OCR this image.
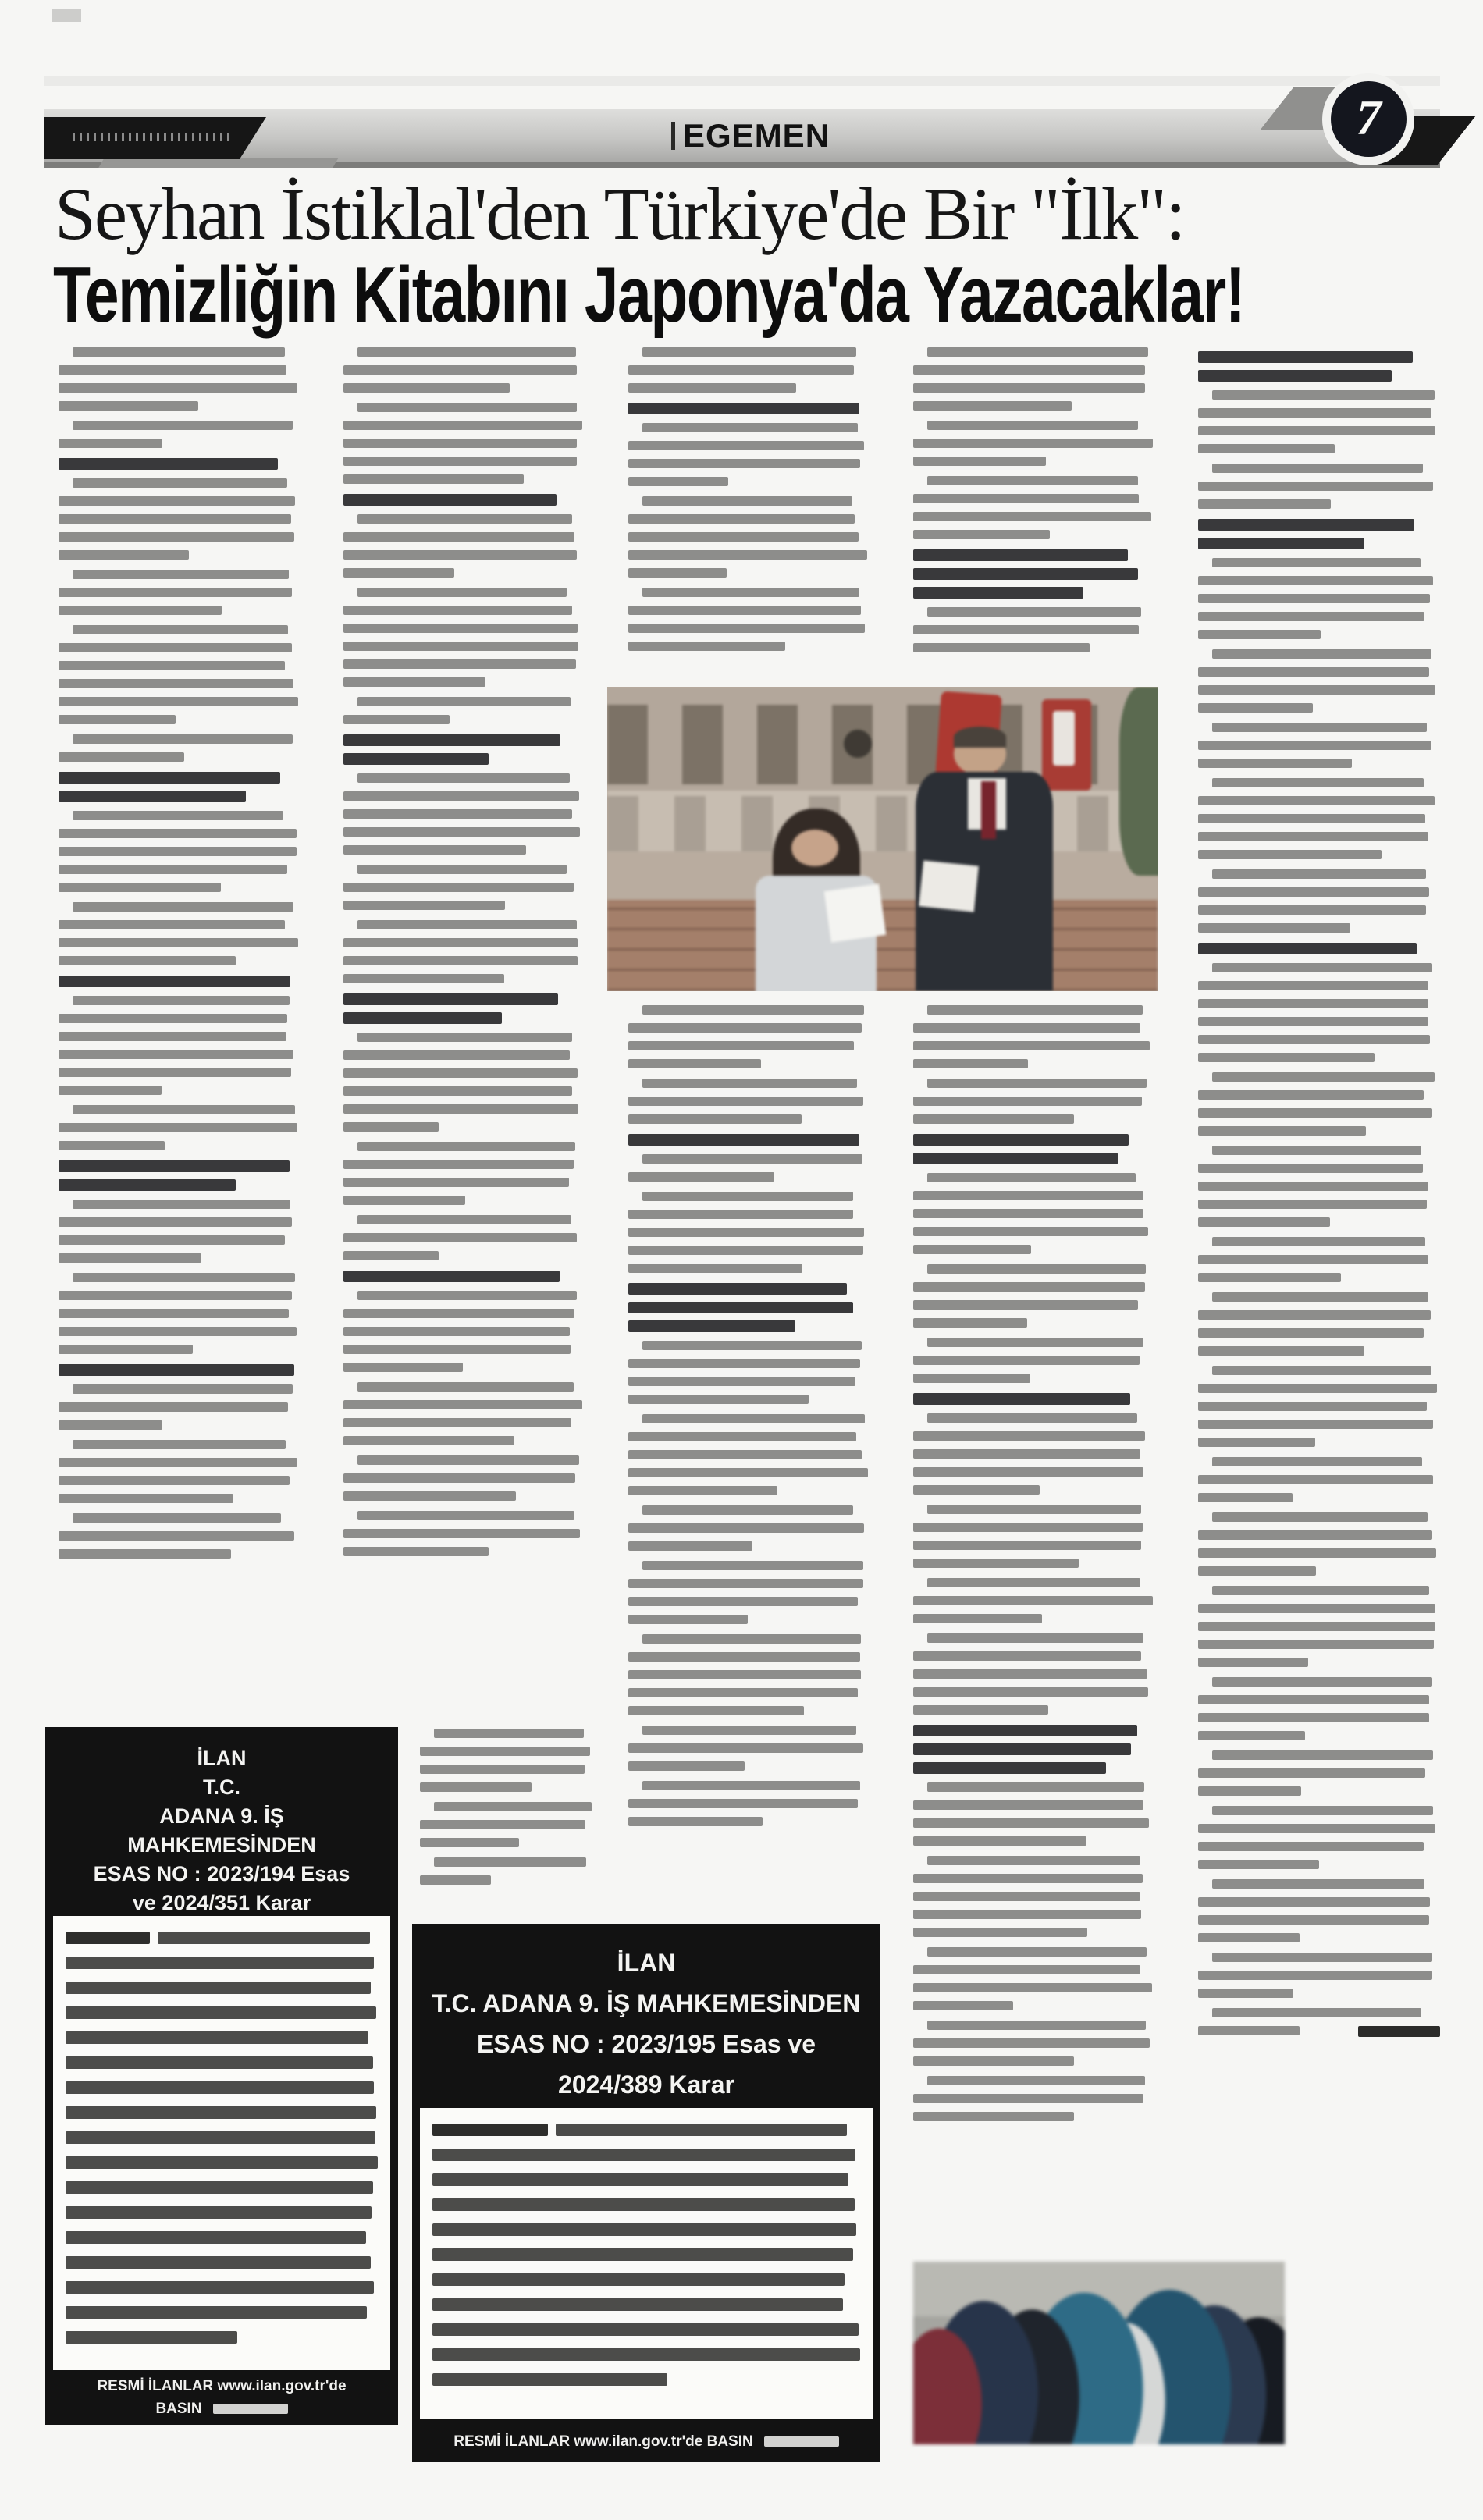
EGEMEN	7
Seyhan İstiklal'den Türkiye'de Bir "İlk":
Temizliğin Kitabını Japonya'da Yazacaklar!
İLAN
T.C.
ADANA 9. İŞ
MAHKEMESİNDEN
ESAS NO : 2023/194 Esas
ve 2024/351 Karar
RESMİ İLANLAR www.ilan.gov.tr'de
BASIN
İLAN
T.C. ADANA 9. İŞ MAHKEMESİNDEN
ESAS NO : 2023/195 Esas ve
2024/389 Karar
RESMİ İLANLAR www.ilan.gov.tr'de BASIN
